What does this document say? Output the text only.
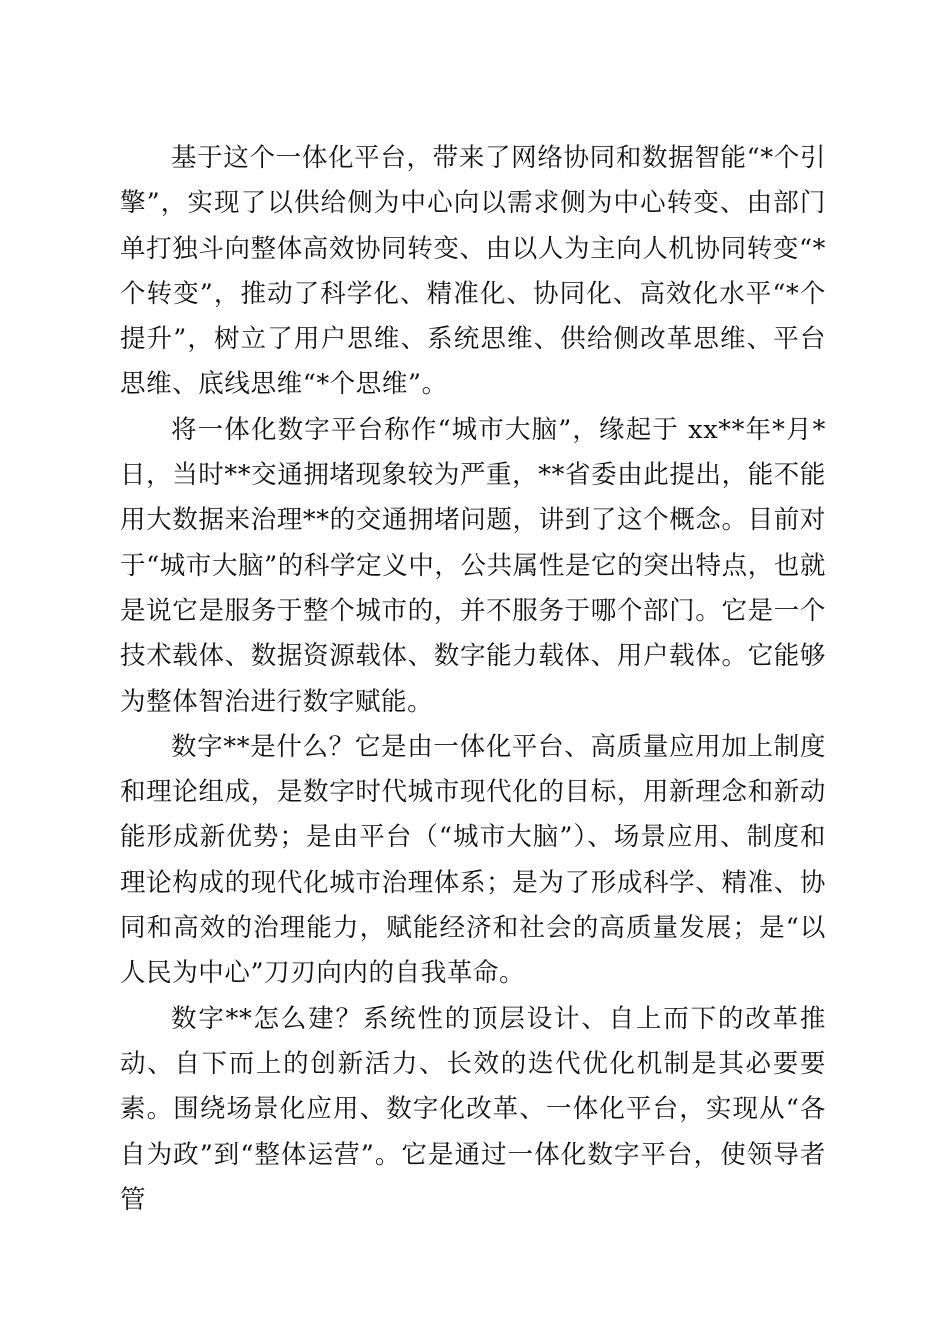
基于这个一体化平台，带来了网络协同和数据智能“*个引擎”，实现了以供给侧为中心向以需求侧为中心转变、由部门单打独斗向整体高效协同转变、由以人为主向人机协同转变“*个转变”，推动了科学化、精准化、协同化、高效化水平“*个提升”，树立了用户思维、系统思维、供给侧改革思维、平台思维、底线思维“*个思维”。

将一体化数字平台称作“城市大脑”，缘起于 xx**年*月*日，当时**交通拥堵现象较为严重，**省委由此提出，能不能用大数据来治理**的交通拥堵问题，讲到了这个概念。目前对于“城市大脑”的科学定义中，公共属性是它的突出特点，也就是说它是服务于整个城市的，并不服务于哪个部门。它是一个技术载体、数据资源载体、数字能力载体、用户载体。它能够为整体智治进行数字赋能。

数字**是什么？它是由一体化平台、高质量应用加上制度和理论组成，是数字时代城市现代化的目标，用新理念和新动能形成新优势；是由平台（“城市大脑”）、场景应用、制度和理论构成的现代化城市治理体系；是为了形成科学、精准、协同和高效的治理能力，赋能经济和社会的高质量发展；是“以人民为中心”刀刃向内的自我革命。

数字**怎么建？系统性的顶层设计、自上而下的改革推动、自下而上的创新活力、长效的迭代优化机制是其必要要素。围绕场景化应用、数字化改革、一体化平台，实现从“各自为政”到“整体运营”。它是通过一体化数字平台，使领导者管
